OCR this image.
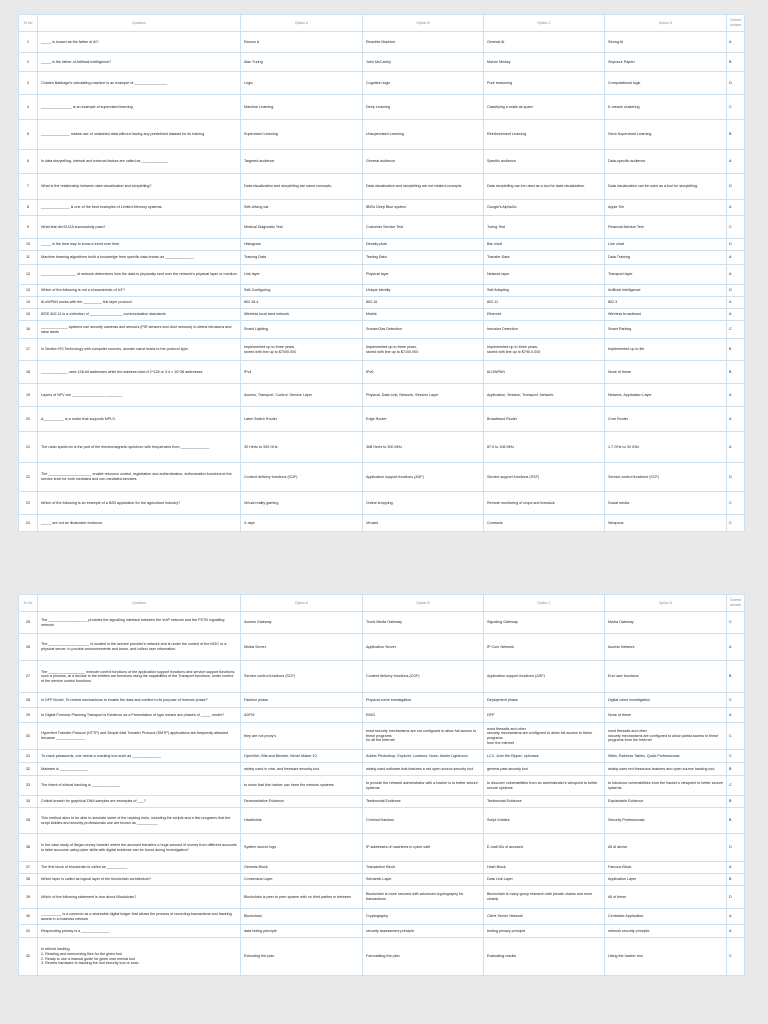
Sr No	Question	Option A	Option B	Option C	Option D	Correct Answer
1	_____ is known as the father of AI?	Ramon A	Reactive Machine	General AI	Strong AI	A
2	_____ is the father of Artificial Intelligence?	Alan Turing	John McCarthy	Marvin Minsky	Seymour Papert	B
3	Charles Babbage's calculating machine is an example of ________________	Logic	Cognition logic	Pure reasoning	Computational logic	D
4	_______________ is an example of supervised learning	Machine Learning	Deep Learning	Classifying e-mails as spam	K-means clustering	C
5	______________ makes use of unlabeled data without having any predefined dataset for its training	Supervised Learning	Unsupervised Learning	Reinforcement Learning	Semi-Supervised Learning	B
6	In data storytelling, internal and external factors are called as _____________	Targeted audience	General audience	Specific audience	Data-specific audience	A
7	What is the relationship between data visualization and storytelling?	Data visualization and storytelling are same concepts.	Data visualization and storytelling are not related concepts.	Data storytelling can be used as a tool for data visualization.	Data visualization can be used as a tool for storytelling.	D
8	______________ is one of the best examples of Limited Memory systems.	Self-driving car	IBM's Deep Blue system	Google's AlphaGo	Apple Siri	A
9	What test did ELIZA successfully pass?	Medical Diagnostic Test	Customer Service Test	Turing Test	Financial Advisor Test	C
10	_____ is the best way to show a trend over time.	Histogram	Density plots	Bar chart	Line chart	D
11	Machine learning algorithms build a knowledge from specific data known as ______________	Training Data	Testing Data	Transfer Data	Data Training	A
12	_________________ of network determines how the data is physically sent over the network's physical layer or medium	Link layer	Physical layer	Network layer	Transport layer	A
13	Which of the following is not a characteristic of IoT?	Self-Configuring	Unique identity	Self Adapting	Artificial Intelligence	D
14	6LoWPAN works with the _________ link layer protocol	802.16.4	802.16	802.11	802.3	A
15	IEEE 802.11 is a collection of ________________ communication standards	Wireless local area network	Mobile	Ethernet	Wireless broadband	A
16	_____________ systems use security cameras and sensors (PIR sensors and door sensors) to detect intrusions and raise alerts	Smart Lighting	Smoke/Gas Detection	Intrusion Detection	Smart Parking	C
17	In Section RS Technology with computer sources, domain name leads to the protocol type.	Implemented up to three years,
stored with line up to $7000.000	Implemented up to three years,
stored with line up to $7100.000	Implemented up to three years,
stored with line up to $790.0.000	Implemented up to life	B
18	_____________ uses 128-bit addresses while the address total of 2^128 or 3.4 × 10^38 addresses.	IPv4	IPv6	6LOWPAN	None of these	B
19	Layers of NFV are ________________ ________	Access, Transport, Control, Service Layer	Physical, Data Link, Network, Session Layer	Application, Session, Transport, Network	Network, Application Layer	A
20	A__________ is a router that supports MPLS.	Label Switch Router	Edge Router	Broadband Router	Core Router	A
21	The radio spectrum is the part of the electromagnetic spectrum with frequencies from ______________	30 Hertz to 300 GHz	3kB Hertz to 300 MHz	87.5 to 108 MHz	1.7 GHz to 30 GHz	A
22	The _____________________ enable resource control, registration and authentication, authorization functions at the service level for both mediated and non-mediated services.	Content delivery functions (CDF)	Application support functions (ASF)	Service support functions (SSF)	Service control functions (SCF)	D
23	Which of the following is an example of a B2B application for the agriculture industry?	Virtual reality gaming	Online shopping	Remote monitoring of crops and livestock	Social media	C
24	_____ are not an illustrative evidence.	X-rays	Viruses	Contracts	Weapons	C
Sr No	Question	Option A	Option B	Option C	Option D	Correct Answer
25	The ___________________ provides the signalling interface between the VoIP network and the PSTN signalling network	Access Gateway	Trunk Media Gateway	Signaling Gateway	Media Gateway	C
26	The ____________________ is located in the service provider's network and is under the control of the MGC or a physical server, to provide announcements and tones, and collect user information	Media Server	Application Server	IP Core Network	Access Network	A
27	The __________________ execute control functions of the application support functions and service support functions; such a process, at a decline to the entities are functions using the capabilities of the Transport functions, under control of the service control functions.	Service control functions (SCF)	Content delivery functions (CDF)	Application support functions (ASF)	End user functions	B
28	In DFP Model, To review mechanisms to enable the data and confine to its purpose of forensic phase?	Fashion phase	Physical crime investigation	Deployment phase	Digital crime investigation	C
29	In Digital Forensic Planning Transport is Evidence as a Presentation of type means are phases of _____ model?	ADFM	EMCI	DFP	None of these	A
30	Hypertext Transfer Protocol (HTTP) and Simple Mail Transfer Protocol (SMTP) applications are frequently attacked because ______________	they are not proxy's	most security mechanisms are not configured to allow full access to these programs
for all the Internet	most firewalls and other
security mechanisms are configured to allow full access to these programs
from the Internet	most firewalls and other
security mechanisms are configured to allow partial access to these programs from the Internet	C
31	To crack passwords, one needs a cracking tool such as ______________	OpenSim, Bits and Blender, Movie Maker 10	Adobe Photoshop, Explorer, Lustrous, Nose, Adobe Lightroom	LC4, John the Ripper, ophcrack	Wikis, Rainbow Tables, Quick Professionals	C
32	Malware is ______________	widely used in viral, and freeware security tool	widely used software that features a red open source security tool	general past security tool	widely used red thesaurus features and open source hacking tool	B
33	The intent of ethical hacking is ______________	to show that this hacker can harm the network systems	to provide the network administrator with a hacker is to better secure systems	to discover vulnerabilities from an administrator's viewpoint to better secure systems	to introduce vulnerabilities from the hacker's viewpoint to better secure systems	C
34	Critical breach for graphical DNA samples are examples of ___?	Demonstrative Evidence	Testimonial Evidence	Testimonial Evidence	Explainable Evidence	B
35	This method aims to be able to simulate some of the hacking tools, including the scripts and a few programs that the script kiddies and security professionals use are known as __________	Hacktivists	Criminal Hackers	Script Kiddies	Security Professionals	B
36	In the case study of illegal money transfer where the accused transfers a huge amount of money from different accounts to false accounts using cyber skills with digital evidence can be found during investigation?	System source logs	IP addresses of machines in cyber cafe	E-mail IDs of accused	All of above	D
37	The first block of blockchain is called as __________	Genesis Block	Transaction Block	Hash Block	Famous Block	A
38	Which layer is called as logical layer of the blockchain architecture?	Consensus Layer	Semantic Layer	Data Link Layer	Application Layer	B
39	Which of the following statement is true about Blockchain?	Blockchain is peer to peer system with no third parties in between	Blockchain is more secured with advanced cryptography for transactions	Blockchain is many group research with private chains and more closely	All of these	D
40	__________ is a common as a shareable digital ledger that allows the process of recording transactions and tracking assets in a business network	Blockchain	Cryptography	Client Server Network	Centralize Application	A
41	Responding privacy is a ______________	data hiding principle	security assessment principle	testing privacy principle	network security principle	A
42	In ethical hacking
1. Reading and memorizing files for the given tool
2. Ready to use a manual guide for given own mental tool
3. Review hardware to tracking the tool security tool or scan	Executing the plan	Formulating the plan	Evaluating results	Using the hacker tool	C
